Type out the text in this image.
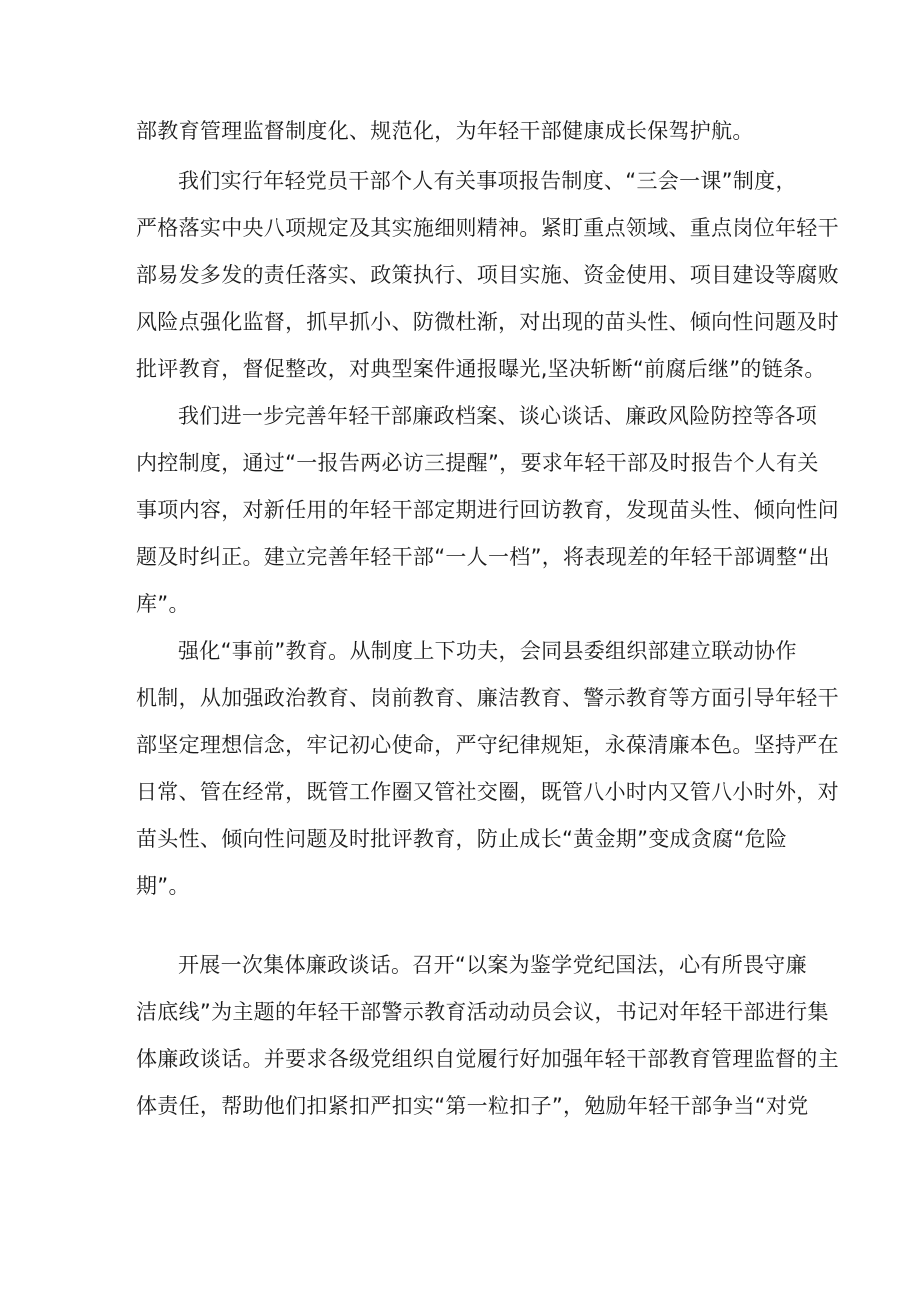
部教育管理监督制度化、规范化，为年轻干部健康成长保驾护航。
我们实行年轻党员干部个人有关事项报告制度、“三会一课”制度，
严格落实中央八项规定及其实施细则精神。紧盯重点领域、重点岗位年轻干
部易发多发的责任落实、政策执行、项目实施、资金使用、项目建设等腐败
风险点强化监督，抓早抓小、防微杜渐，对出现的苗头性、倾向性问题及时
批评教育，督促整改，对典型案件通报曝光,坚决斩断“前腐后继”的链条。
我们进一步完善年轻干部廉政档案、谈心谈话、廉政风险防控等各项
内控制度，通过“一报告两必访三提醒”，要求年轻干部及时报告个人有关
事项内容，对新任用的年轻干部定期进行回访教育，发现苗头性、倾向性问
题及时纠正。建立完善年轻干部“一人一档”，将表现差的年轻干部调整“出
库”。
强化“事前”教育。从制度上下功夫，会同县委组织部建立联动协作
机制，从加强政治教育、岗前教育、廉洁教育、警示教育等方面引导年轻干
部坚定理想信念，牢记初心使命，严守纪律规矩，永葆清廉本色。坚持严在
日常、管在经常，既管工作圈又管社交圈，既管八小时内又管八小时外，对
苗头性、倾向性问题及时批评教育，防止成长“黄金期”变成贪腐“危险
期”。
开展一次集体廉政谈话。召开“以案为鉴学党纪国法，心有所畏守廉
洁底线”为主题的年轻干部警示教育活动动员会议，书记对年轻干部进行集
体廉政谈话。并要求各级党组织自觉履行好加强年轻干部教育管理监督的主
体责任，帮助他们扣紧扣严扣实“第一粒扣子”，勉励年轻干部争当“对党
